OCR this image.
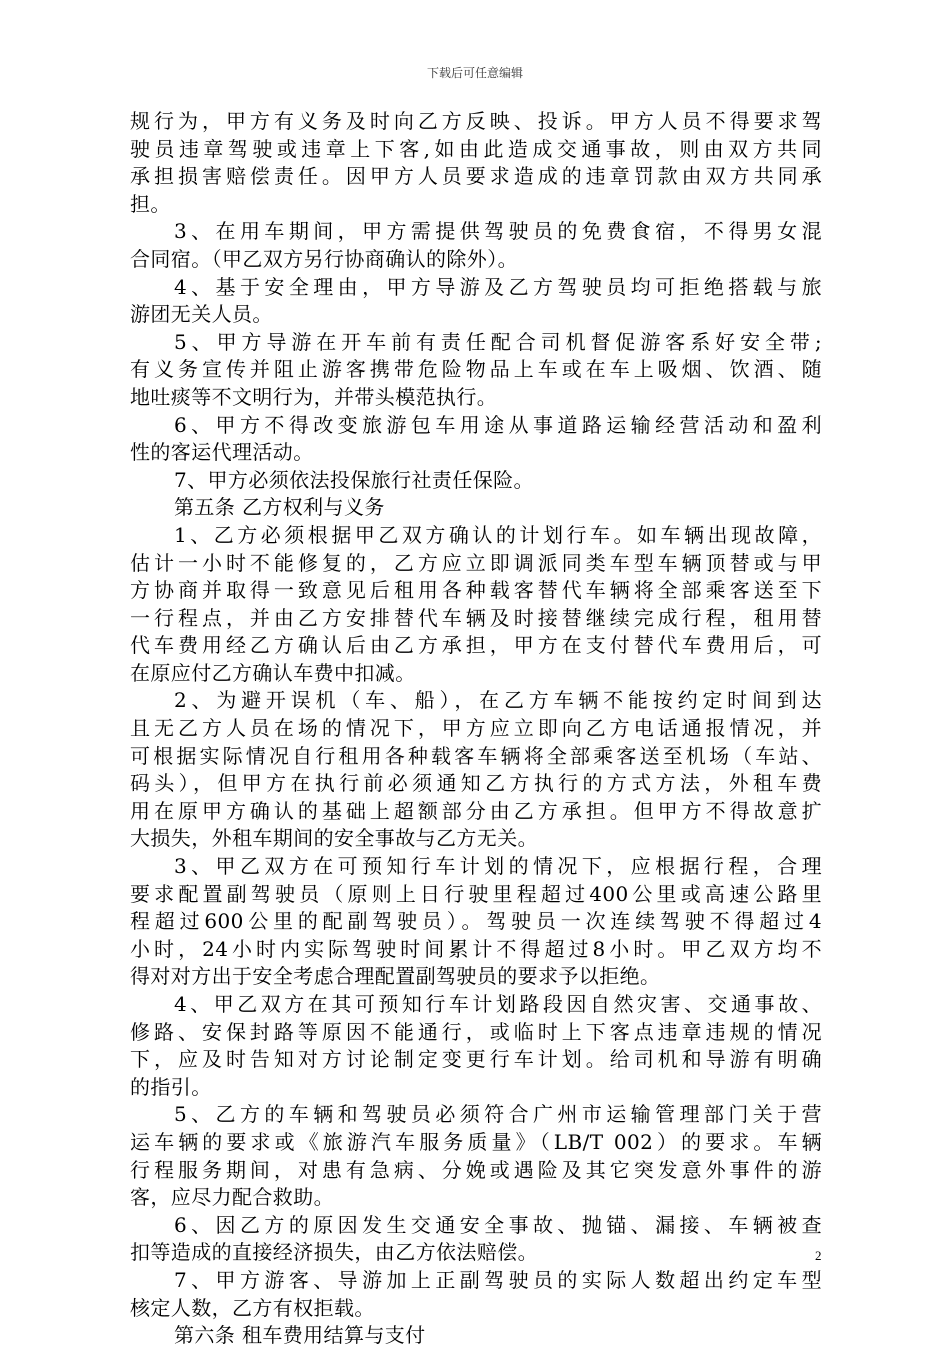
下载后可任意编辑
规行为，甲方有义务及时向乙方反映、投诉。甲方人员不得要求驾
驶员违章驾驶或违章上下客,如由此造成交通事故，则由双方共同
承担损害赔偿责任。因甲方人员要求造成的违章罚款由双方共同承
担。
3、在用车期间，甲方需提供驾驶员的免费食宿，不得男女混
合同宿。（甲乙双方另行协商确认的除外）。
4、基于安全理由，甲方导游及乙方驾驶员均可拒绝搭载与旅
游团无关人员。
5、甲方导游在开车前有责任配合司机督促游客系好安全带;
有义务宣传并阻止游客携带危险物品上车或在车上吸烟、饮酒、随
地吐痰等不文明行为，并带头模范执行。
6、甲方不得改变旅游包车用途从事道路运输经营活动和盈利
性的客运代理活动。
7、甲方必须依法投保旅行社责任保险。
第五条 乙方权利与义务
1、乙方必须根据甲乙双方确认的计划行车。如车辆出现故障，
估计一小时不能修复的，乙方应立即调派同类车型车辆顶替或与甲
方协商并取得一致意见后租用各种载客替代车辆将全部乘客送至下
一行程点，并由乙方安排替代车辆及时接替继续完成行程，租用替
代车费用经乙方确认后由乙方承担，甲方在支付替代车费用后，可
在原应付乙方确认车费中扣减。
2、为避开误机（车、船），在乙方车辆不能按约定时间到达
且无乙方人员在场的情况下，甲方应立即向乙方电话通报情况，并
可根据实际情况自行租用各种载客车辆将全部乘客送至机场（车站、
码头），但甲方在执行前必须通知乙方执行的方式方法，外租车费
用在原甲方确认的基础上超额部分由乙方承担。但甲方不得故意扩
大损失，外租车期间的安全事故与乙方无关。
3、甲乙双方在可预知行车计划的情况下，应根据行程，合理
要求配置副驾驶员（原则上日行驶里程超过400公里或高速公路里
程超过600公里的配副驾驶员）。驾驶员一次连续驾驶不得超过4
小时，24小时内实际驾驶时间累计不得超过8小时。甲乙双方均不
得对对方出于安全考虑合理配置副驾驶员的要求予以拒绝。
4、甲乙双方在其可预知行车计划路段因自然灾害、交通事故、
修路、安保封路等原因不能通行，或临时上下客点违章违规的情况
下，应及时告知对方讨论制定变更行车计划。给司机和导游有明确
的指引。
5、乙方的车辆和驾驶员必须符合广州市运输管理部门关于营
运车辆的要求或《旅游汽车服务质量》（LB/T 002）的要求。车辆
行程服务期间，对患有急病、分娩或遇险及其它突发意外事件的游
客，应尽力配合救助。
6、因乙方的原因发生交通安全事故、抛锚、漏接、车辆被查
扣等造成的直接经济损失，由乙方依法赔偿。
7、甲方游客、导游加上正副驾驶员的实际人数超出约定车型
核定人数，乙方有权拒载。
第六条 租车费用结算与支付
2
